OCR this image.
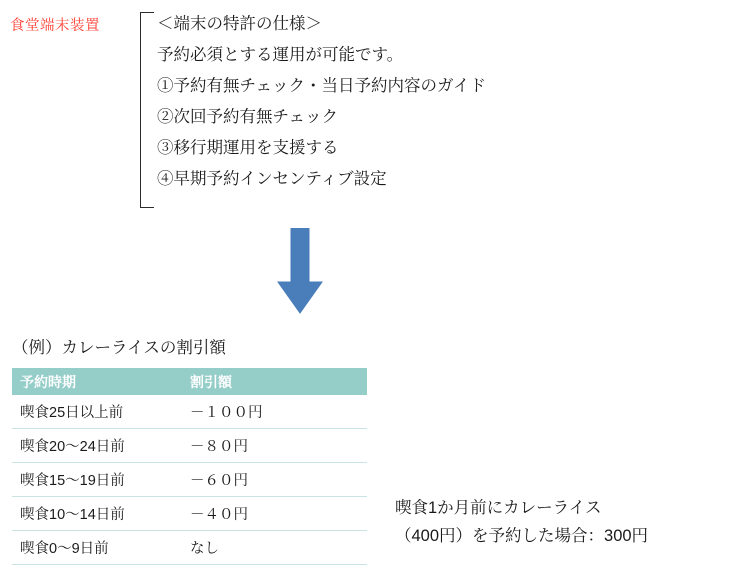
食堂端末装置	＜端末の特許の仕様＞
予約必須とする運用が可能です。
①予約有無チェック・当日予約内容のガイド
②次回予約有無チェック
③移行期運用を支援する
④早期予約インセンティブ設定
（例）カレーライスの割引額
予約時期	割引額
喫食25日以上前	－１００円
喫食20〜24日前	－８０円
喫食15〜19日前	－６０円
喫食10〜14日前	－４０円
喫食0〜9日前	なし
喫食1か月前にカレーライス
（400円）を予約した場合：300円
